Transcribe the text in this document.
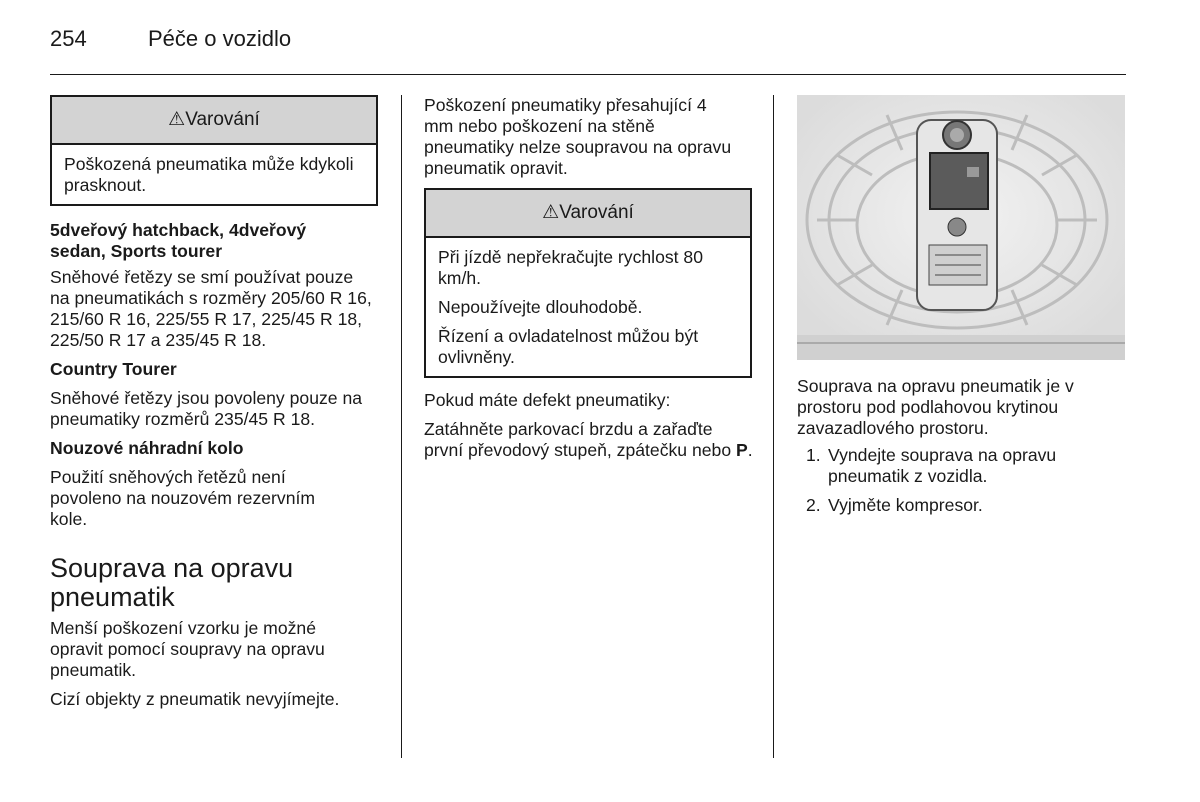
254	Péče o vozidlo
⚠Varování

Poškozená pneumatika může kdykoli prasknout.

5dveřový hatchback, 4dveřový sedan, Sports tourer

Sněhové řetězy se smí používat pouze na pneumatikách s rozměry 205/60 R 16, 215/60 R 16, 225/55 R 17, 225/45 R 18, 225/50 R 17 a 235/45 R 18.

Country Tourer

Sněhové řetězy jsou povoleny pouze na pneumatiky rozměrů 235/45 R 18.

Nouzové náhradní kolo

Použití sněhových řetězů není povoleno na nouzovém rezervním kole.

Souprava na opravu pneumatik

Menší poškození vzorku je možné opravit pomocí soupravy na opravu pneumatik.

Cizí objekty z pneumatik nevyjímejte.

Poškození pneumatiky přesahující 4 mm nebo poškození na stěně pneumatiky nelze soupravou na opravu pneumatik opravit.

⚠Varování

Při jízdě nepřekračujte rychlost 80 km/h.

Nepoužívejte dlouhodobě.

Řízení a ovladatelnost můžou být ovlivněny.

Pokud máte defekt pneumatiky:

Zatáhněte parkovací brzdu a zařaďte první převodový stupeň, zpátečku nebo P.

Souprava na opravu pneumatik je v prostoru pod podlahovou krytinou zavazadlového prostoru.

1. Vyndejte souprava na opravu pneumatik z vozidla.
2. Vyjměte kompresor.
